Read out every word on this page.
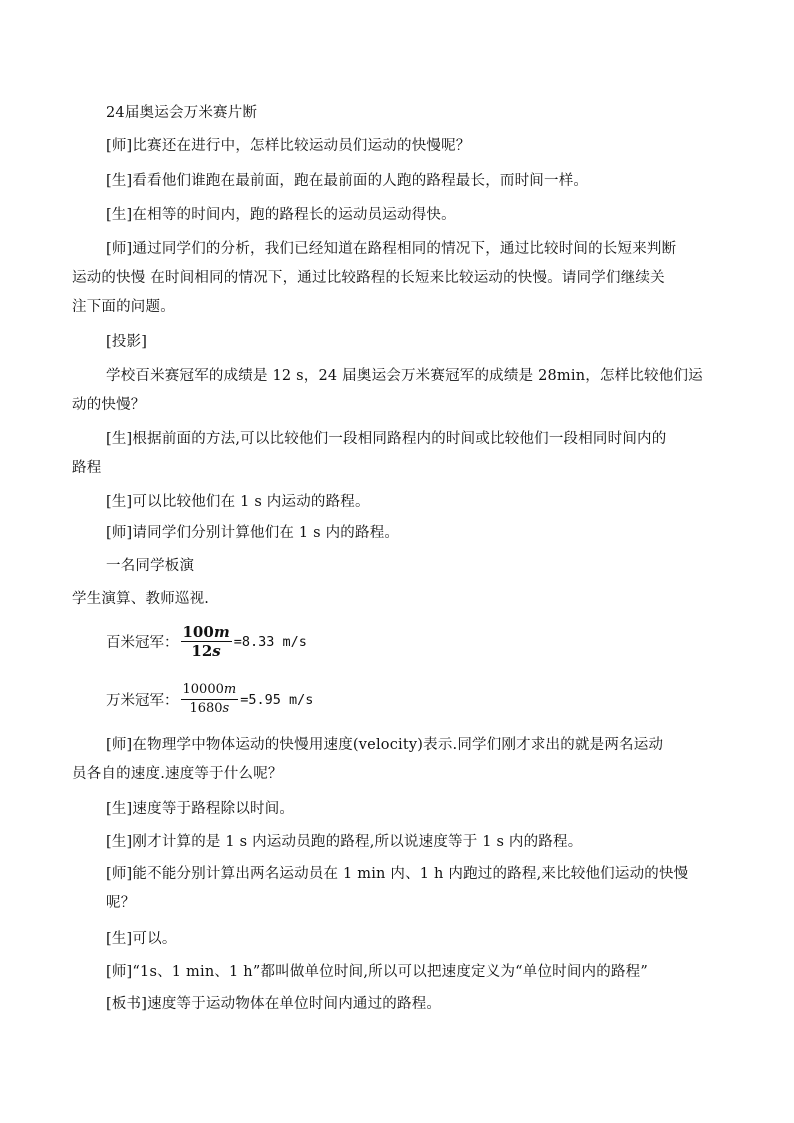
24届奥运会万米赛片断
[师]比赛还在进行中，怎样比较运动员们运动的快慢呢？
[生]看看他们谁跑在最前面，跑在最前面的人跑的路程最长，而时间一样。
[生]在相等的时间内，跑的路程长的运动员运动得快。
[师]通过同学们的分析，我们已经知道在路程相同的情况下，通过比较时间的长短来判断
运动的快慢 在时间相同的情况下，通过比较路程的长短来比较运动的快慢。请同学们继续关
注下面的问题。
[投影]
学校百米赛冠军的成绩是 12 s，24 届奥运会万米赛冠军的成绩是 28min，怎样比较他们运
动的快慢？
[生]根据前面的方法,可以比较他们一段相同路程内的时间或比较他们一段相同时间内的
路程
[生]可以比较他们在 1 s 内运动的路程。
[师]请同学们分别计算他们在 1 s 内的路程。
一名同学板演
学生演算、教师巡视.
百米冠军： $\frac{100m}{12s} =8.33$ m/s
万米冠军： $\frac{10000m}{1680s} =5.95$ m/s
[师]在物理学中物体运动的快慢用速度(velocity)表示.同学们刚才求出的就是两名运动
员各自的速度.速度等于什么呢？
[生]速度等于路程除以时间。
[生]刚才计算的是 1 s 内运动员跑的路程,所以说速度等于 1 s 内的路程。
[师]能不能分别计算出两名运动员在 1 min 内、1 h 内跑过的路程,来比较他们运动的快慢
呢？
[生]可以。
[师]“1s、1 min、1 h”都叫做单位时间,所以可以把速度定义为“单位时间内的路程”
[板书]速度等于运动物体在单位时间内通过的路程。
